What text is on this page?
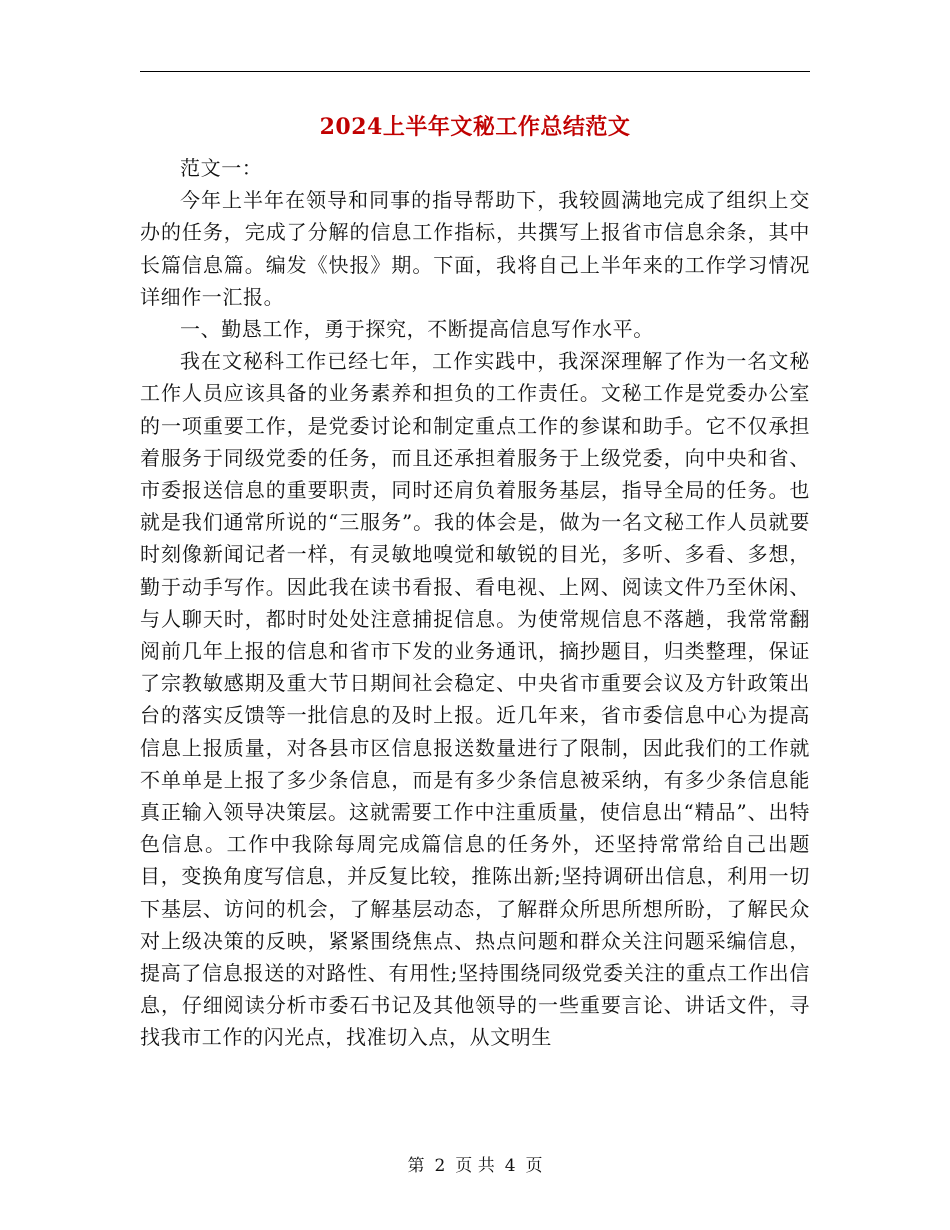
2024上半年文秘工作总结范文

范文一：

今年上半年在领导和同事的指导帮助下，我较圆满地完成了组织上交办的任务，完成了分解的信息工作指标，共撰写上报省市信息余条，其中长篇信息篇。编发《快报》期。下面，我将自己上半年来的工作学习情况详细作一汇报。

一、勤恳工作，勇于探究，不断提高信息写作水平。

我在文秘科工作已经七年，工作实践中，我深深理解了作为一名文秘工作人员应该具备的业务素养和担负的工作责任。文秘工作是党委办公室的一项重要工作，是党委讨论和制定重点工作的参谋和助手。它不仅承担着服务于同级党委的任务，而且还承担着服务于上级党委，向中央和省、市委报送信息的重要职责，同时还肩负着服务基层，指导全局的任务。也就是我们通常所说的“三服务”。我的体会是，做为一名文秘工作人员就要时刻像新闻记者一样，有灵敏地嗅觉和敏锐的目光，多听、多看、多想，勤于动手写作。因此我在读书看报、看电视、上网、阅读文件乃至休闲、与人聊天时，都时时处处注意捕捉信息。为使常规信息不落趟，我常常翻阅前几年上报的信息和省市下发的业务通讯，摘抄题目，归类整理，保证了宗教敏感期及重大节日期间社会稳定、中央省市重要会议及方针政策出台的落实反馈等一批信息的及时上报。近几年来，省市委信息中心为提高信息上报质量，对各县市区信息报送数量进行了限制，因此我们的工作就不单单是上报了多少条信息，而是有多少条信息被采纳，有多少条信息能真正输入领导决策层。这就需要工作中注重质量，使信息出“精品”、出特色信息。工作中我除每周完成篇信息的任务外，还坚持常常给自己出题目，变换角度写信息，并反复比较，推陈出新;坚持调研出信息，利用一切下基层、访问的机会，了解基层动态，了解群众所思所想所盼，了解民众对上级决策的反映，紧紧围绕焦点、热点问题和群众关注问题采编信息，提高了信息报送的对路性、有用性;坚持围绕同级党委关注的重点工作出信息，仔细阅读分析市委石书记及其他领导的一些重要言论、讲话文件，寻找我市工作的闪光点，找准切入点，从文明生

第 2 页 共 4 页
